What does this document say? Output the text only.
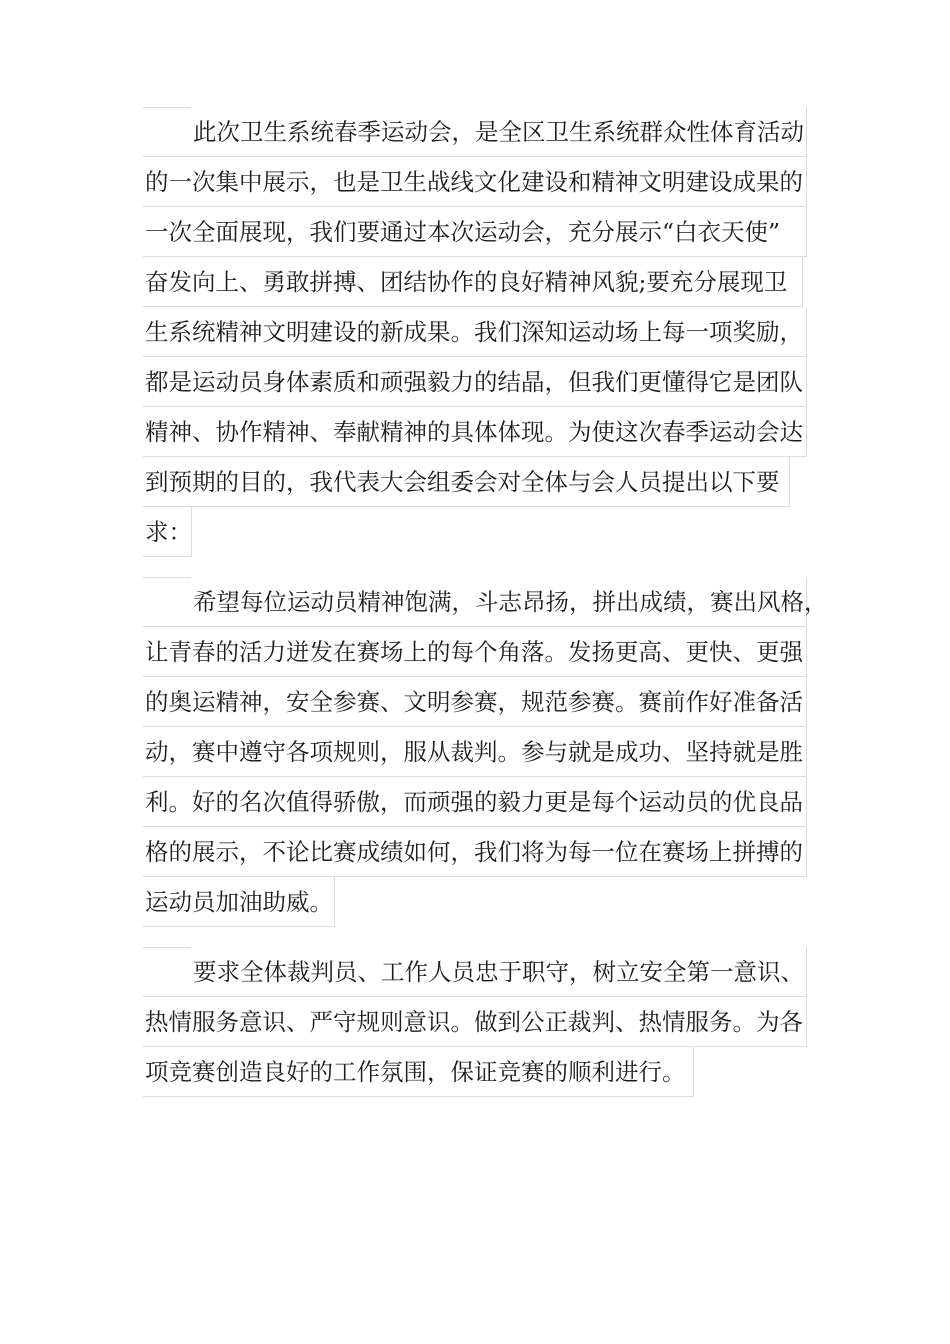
此次卫生系统春季运动会，是全区卫生系统群众性体育活动
的一次集中展示，也是卫生战线文化建设和精神文明建设成果的
一次全面展现，我们要通过本次运动会，充分展示“白衣天使”
奋发向上、勇敢拼搏、团结协作的良好精神风貌;要充分展现卫
生系统精神文明建设的新成果。我们深知运动场上每一项奖励，
都是运动员身体素质和顽强毅力的结晶，但我们更懂得它是团队
精神、协作精神、奉献精神的具体体现。为使这次春季运动会达
到预期的目的，我代表大会组委会对全体与会人员提出以下要
求：
希望每位运动员精神饱满，斗志昂扬，拼出成绩，赛出风格，
让青春的活力迸发在赛场上的每个角落。发扬更高、更快、更强
的奥运精神，安全参赛、文明参赛，规范参赛。赛前作好准备活
动，赛中遵守各项规则，服从裁判。参与就是成功、坚持就是胜
利。好的名次值得骄傲，而顽强的毅力更是每个运动员的优良品
格的展示，不论比赛成绩如何，我们将为每一位在赛场上拼搏的
运动员加油助威。
要求全体裁判员、工作人员忠于职守，树立安全第一意识、
热情服务意识、严守规则意识。做到公正裁判、热情服务。为各
项竞赛创造良好的工作氛围，保证竞赛的顺利进行。
